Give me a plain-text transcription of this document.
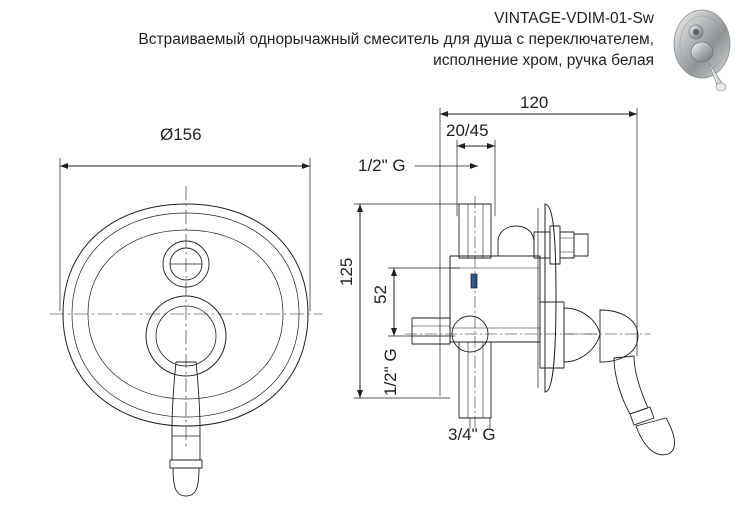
VINTAGE-VDIM-01-Sw
Встраиваемый однорычажный смеситель для душа с переключателем,
исполнение хром, ручка белая
Ø156
120
20/45
125
52
1/2" G
1/2" G
3/4" G
